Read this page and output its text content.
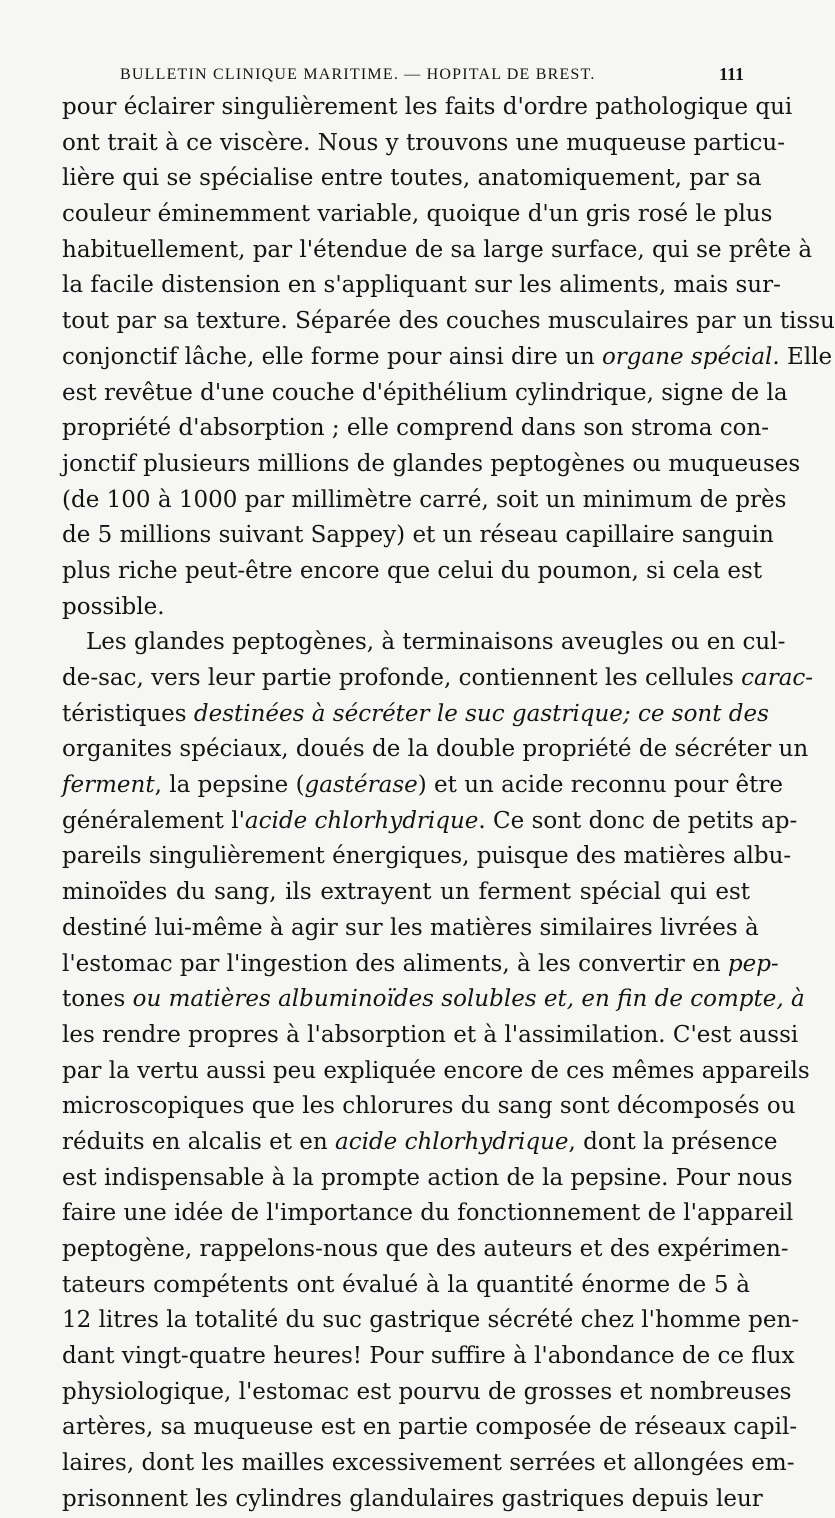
BULLETIN CLINIQUE MARITIME. — HOPITAL DE BREST.	111
pour éclairer singulièrement les faits d'ordre pathologique qui
ont trait à ce viscère. Nous y trouvons une muqueuse particu-
lière qui se spécialise entre toutes, anatomiquement, par sa
couleur éminemment variable, quoique d'un gris rosé le plus
habituellement, par l'étendue de sa large surface, qui se prête à
la facile distension en s'appliquant sur les aliments, mais sur-
tout par sa texture. Séparée des couches musculaires par un tissu
conjonctif lâche, elle forme pour ainsi dire un organe spécial. Elle
est revêtue d'une couche d'épithélium cylindrique, signe de la
propriété d'absorption ; elle comprend dans son stroma con-
jonctif plusieurs millions de glandes peptogènes ou muqueuses
(de 100 à 1000 par millimètre carré, soit un minimum de près
de 5 millions suivant Sappey) et un réseau capillaire sanguin
plus riche peut-être encore que celui du poumon, si cela est
possible.
Les glandes peptogènes, à terminaisons aveugles ou en cul-
de-sac, vers leur partie profonde, contiennent les cellules carac-
téristiques destinées à sécréter le suc gastrique; ce sont des
organites spéciaux, doués de la double propriété de sécréter un
ferment, la pepsine (gastérase) et un acide reconnu pour être
généralement l'acide chlorhydrique. Ce sont donc de petits ap-
pareils singulièrement énergiques, puisque des matières albu-
minoïdes du sang, ils extrayent un ferment spécial qui est
destiné lui-même à agir sur les matières similaires livrées à
l'estomac par l'ingestion des aliments, à les convertir en pep-
tones ou matières albuminoïdes solubles et, en fin de compte, à
les rendre propres à l'absorption et à l'assimilation. C'est aussi
par la vertu aussi peu expliquée encore de ces mêmes appareils
microscopiques que les chlorures du sang sont décomposés ou
réduits en alcalis et en acide chlorhydrique, dont la présence
est indispensable à la prompte action de la pepsine. Pour nous
faire une idée de l'importance du fonctionnement de l'appareil
peptogène, rappelons-nous que des auteurs et des expérimen-
tateurs compétents ont évalué à la quantité énorme de 5 à
12 litres la totalité du suc gastrique sécrété chez l'homme pen-
dant vingt-quatre heures! Pour suffire à l'abondance de ce flux
physiologique, l'estomac est pourvu de grosses et nombreuses
artères, sa muqueuse est en partie composée de réseaux capil-
laires, dont les mailles excessivement serrées et allongées em-
prisonnent les cylindres glandulaires gastriques depuis leur
